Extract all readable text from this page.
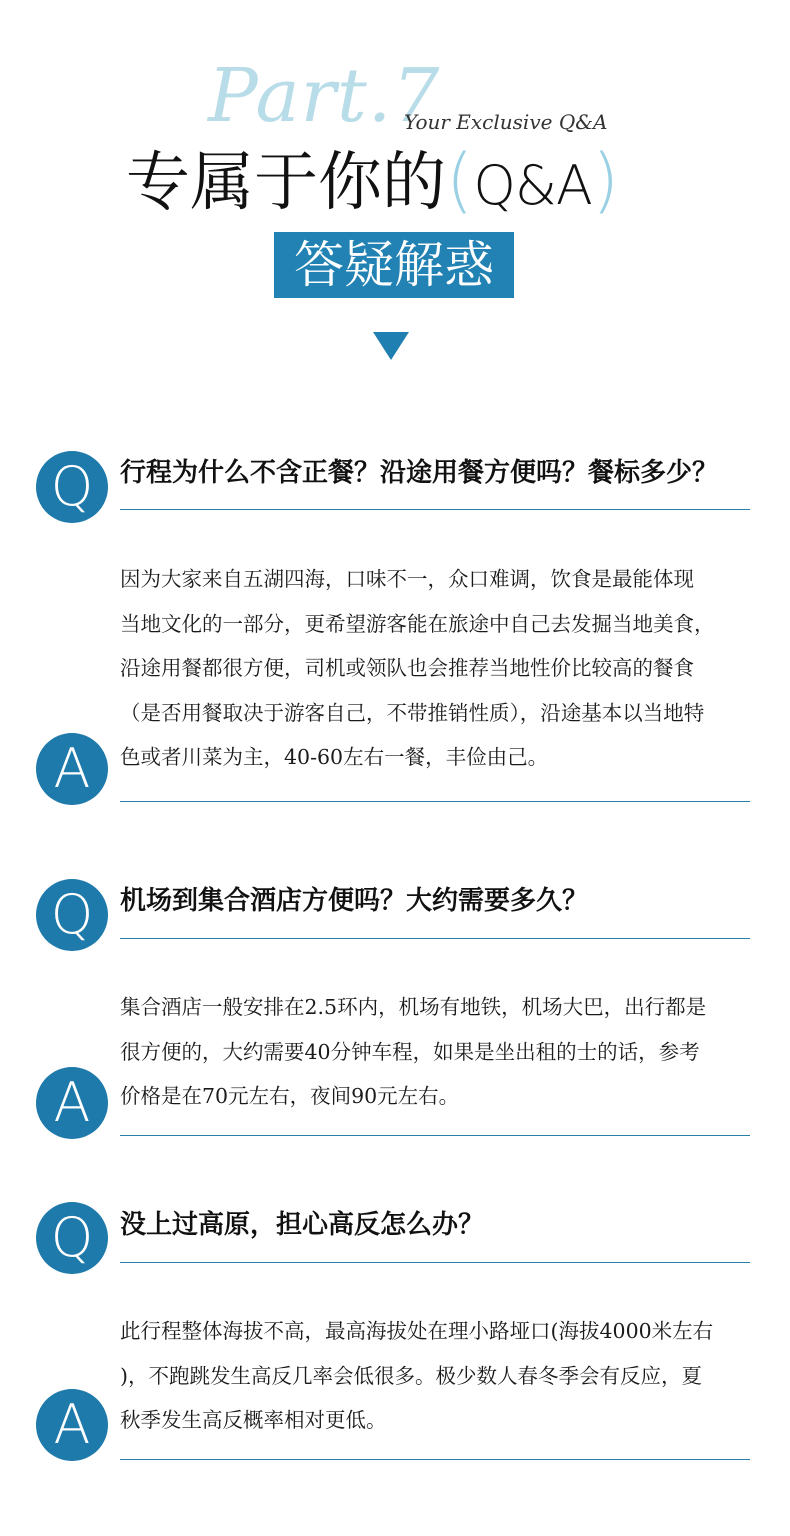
Part.7
Your Exclusive Q&A
专属于你的(Q&A)
答疑解惑
Q	行程为什么不含正餐？沿途用餐方便吗？餐标多少？
因为大家来自五湖四海，口味不一，众口难调，饮食是最能体现
当地文化的一部分，更希望游客能在旅途中自己去发掘当地美食，
沿途用餐都很方便，司机或领队也会推荐当地性价比较高的餐食
（是否用餐取决于游客自己，不带推销性质），沿途基本以当地特
色或者川菜为主，40-60左右一餐，丰俭由己。
A
Q	机场到集合酒店方便吗？大约需要多久？
集合酒店一般安排在2.5环内，机场有地铁，机场大巴，出行都是
很方便的，大约需要40分钟车程，如果是坐出租的士的话，参考
价格是在70元左右，夜间90元左右。
A
Q	没上过高原，担心高反怎么办？
此行程整体海拔不高，最高海拔处在理小路垭口(海拔4000米左右
)，不跑跳发生高反几率会低很多。极少数人春冬季会有反应，夏
秋季发生高反概率相对更低。
A
